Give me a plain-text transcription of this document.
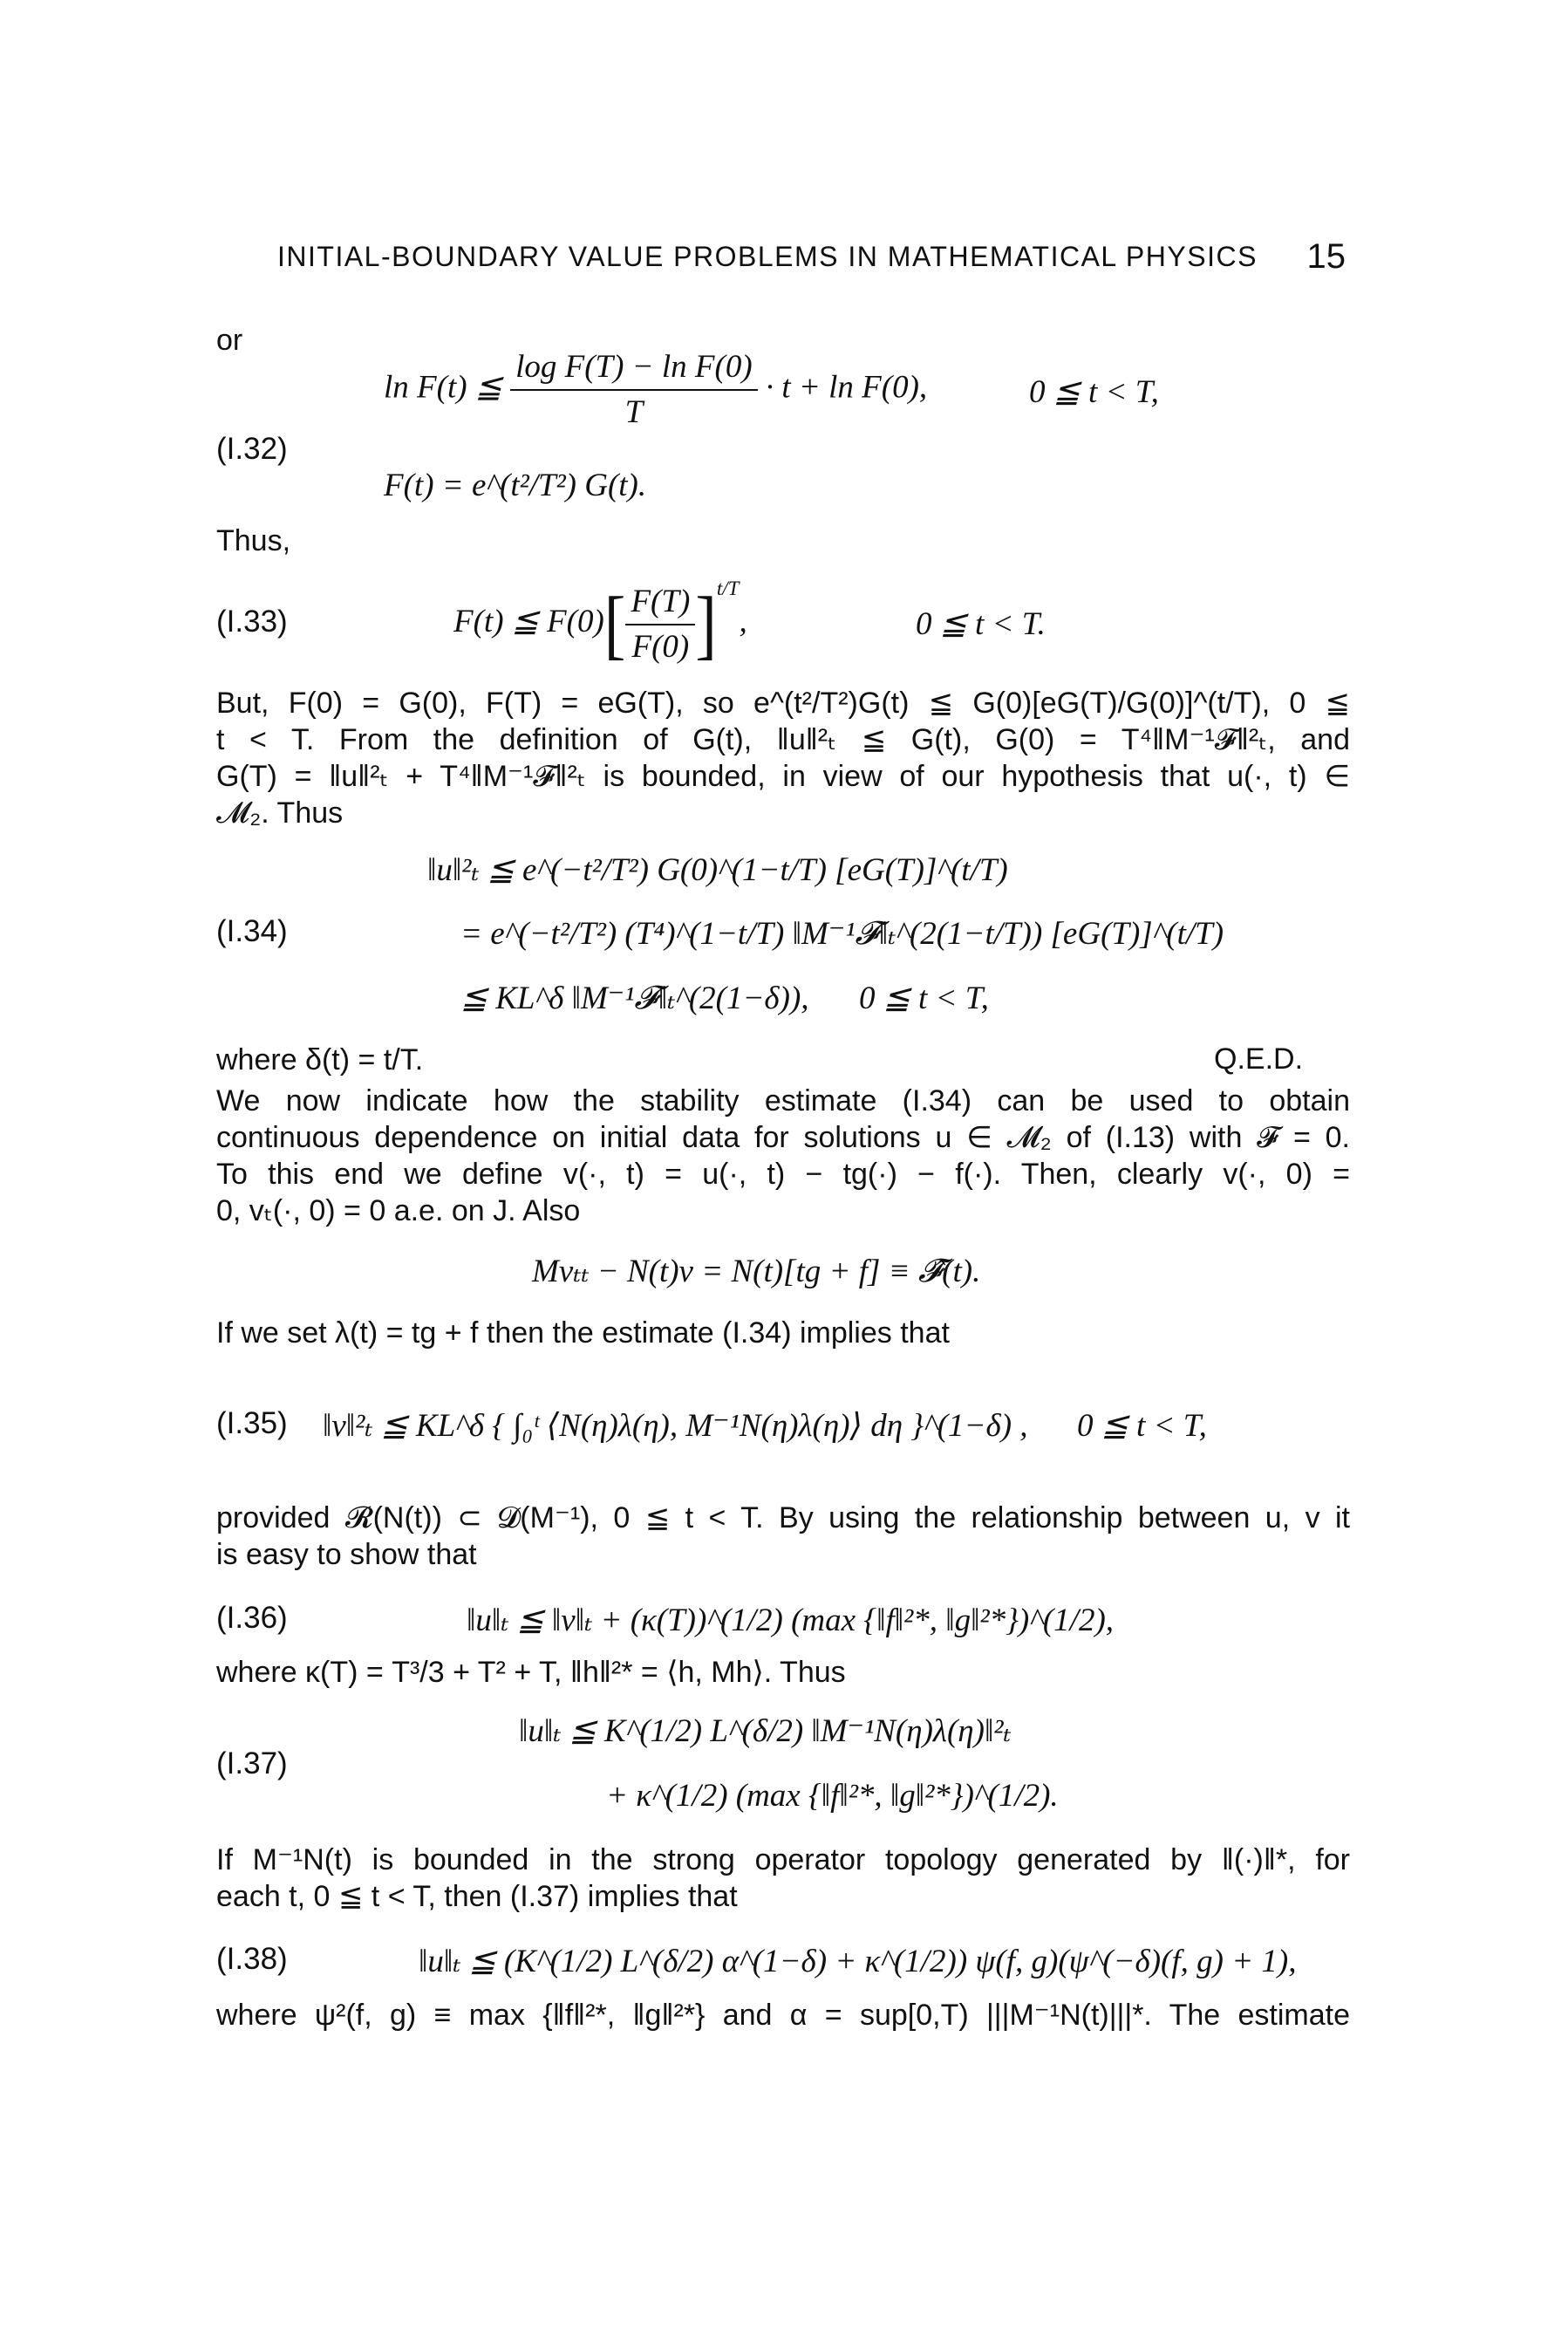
INITIAL-BOUNDARY VALUE PROBLEMS IN MATHEMATICAL PHYSICS 15
or
(I.32)
ln F(t) ≦ $\frac{\text{log F(T) − ln F(0)}}{T} \cdot t + \ln F(0)$,	0 ≦ t < T,
F(t) = e^(t²/T²) G(t).
Thus,
(I.33)	F(t) ≦ $F(0)[ \frac{F(T)}{F(0)} ]^{t/T}$,	0 ≦ t < T.
But, F(0) = G(0), F(T) = eG(T), so e^(t²/T²)G(t) ≦ G(0)[eG(T)/G(0)]^(t/T), 0 ≦
t < T. From the definition of G(t), ‖u‖²ₜ ≦ G(t), G(0) = T⁴‖M⁻¹𝓕‖²ₜ, and
G(T) = ‖u‖²ₜ + T⁴‖M⁻¹𝓕‖²ₜ is bounded, in view of our hypothesis that u(·, t) ∈
𝓜₂. Thus
(I.34)
‖u‖²ₜ ≦ e^(−t²/T²) G(0)^(1−t/T) [eG(T)]^(t/T)
= e^(−t²/T²) (T⁴)^(1−t/T) ‖M⁻¹𝓕‖ₜ^(2(1−t/T)) [eG(T)]^(t/T)
≦ KL^δ ‖M⁻¹𝓕‖ₜ^(2(1−δ)), 0 ≦ t < T,
where δ(t) = t/T.	Q.E.D.
We now indicate how the stability estimate (I.34) can be used to obtain
continuous dependence on initial data for solutions u ∈ 𝓜₂ of (I.13) with 𝓕 = 0.
To this end we define v(·, t) = u(·, t) − tg(·) − f(·). Then, clearly v(·, 0) =
0, vₜ(·, 0) = 0 a.e. on J. Also
Mvₜₜ − N(t)v = N(t)[tg + f] ≡ 𝓕̂(t).
If we set λ(t) = tg + f then the estimate (I.34) implies that
(I.35) ‖v‖²ₜ ≦ KL^δ { ∫₀ᵗ ⟨N(η)λ(η), M⁻¹N(η)λ(η)⟩ dη }^(1−δ) , 0 ≦ t < T,
provided 𝓡(N(t)) ⊂ 𝓓(M⁻¹), 0 ≦ t < T. By using the relationship between u, v it
is easy to show that
(I.36)	‖u‖ₜ ≦ ‖v‖ₜ + (κ(T))^(1/2) (max {‖f‖²*, ‖g‖²*})^(1/2),
where κ(T) = T³/3 + T² + T, ‖h‖²* = ⟨h, Mh⟩. Thus
(I.37)
‖u‖ₜ ≦ K^(1/2) L^(δ/2) ‖M⁻¹N(η)λ(η)‖²ₜ
+ κ^(1/2) (max {‖f‖²*, ‖g‖²*})^(1/2).
If M⁻¹N(t) is bounded in the strong operator topology generated by ‖(·)‖*, for
each t, 0 ≦ t < T, then (I.37) implies that
(I.38)	‖u‖ₜ ≦ (K^(1/2) L^(δ/2) α^(1−δ) + κ^(1/2)) ψ(f, g)(ψ^(−δ)(f, g) + 1),
where ψ²(f, g) ≡ max {‖f‖²*, ‖g‖²*} and α = sup[0,T) |||M⁻¹N(t)|||*. The estimate
